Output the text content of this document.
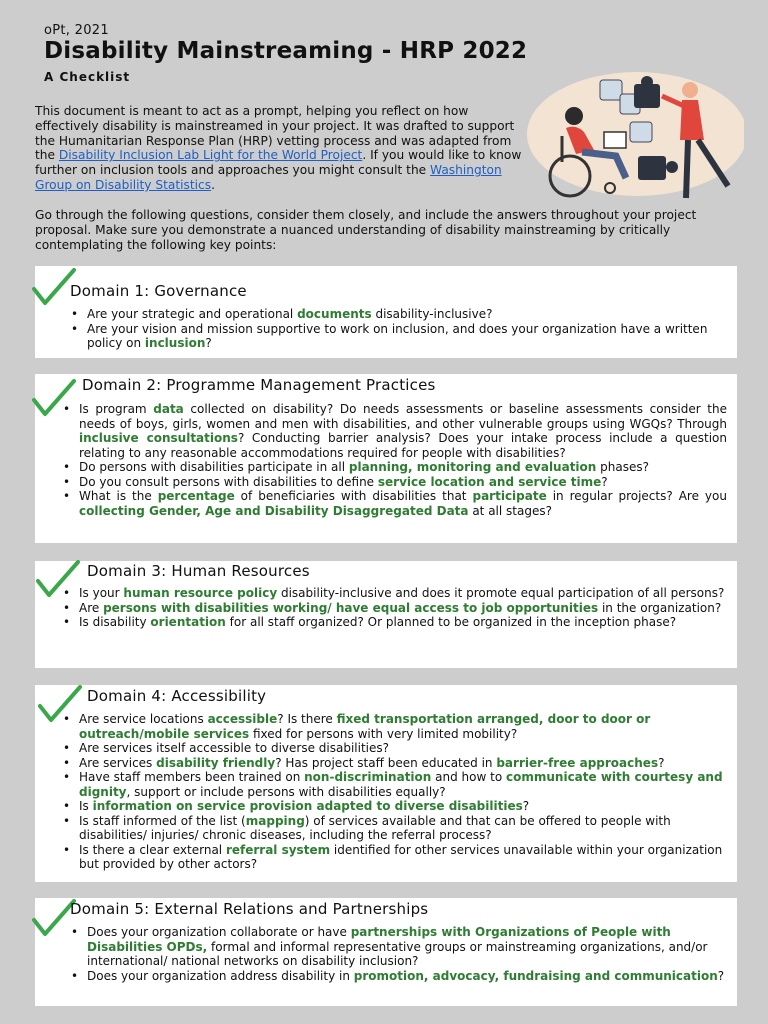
oPt, 2021
Disability Mainstreaming - HRP 2022
A Checklist

This document is meant to act as a prompt, helping you reflect on how effectively disability is mainstreamed in your project. It was drafted to support the Humanitarian Response Plan (HRP) vetting process and was adapted from the Disability Inclusion Lab Light for the World Project. If you would like to know further on inclusion tools and approaches you might consult the Washington Group on Disability Statistics.

Go through the following questions, consider them closely, and include the answers throughout your project proposal. Make sure you demonstrate a nuanced understanding of disability mainstreaming by critically contemplating the following key points:

Domain 1: Governance
• Are your strategic and operational documents disability-inclusive?
• Are your vision and mission supportive to work on inclusion, and does your organization have a written policy on inclusion?
Domain 2: Programme Management Practices
• Is program data collected on disability? Do needs assessments or baseline assessments consider the needs of boys, girls, women and men with disabilities, and other vulnerable groups using WGQs? Through inclusive consultations? Conducting barrier analysis? Does your intake process include a question relating to any reasonable accommodations required for people with disabilities?
• Do persons with disabilities participate in all planning, monitoring and evaluation phases?
• Do you consult persons with disabilities to define service location and service time?
• What is the percentage of beneficiaries with disabilities that participate in regular projects? Are you collecting Gender, Age and Disability Disaggregated Data at all stages?
Domain 3: Human Resources
• Is your human resource policy disability-inclusive and does it promote equal participation of all persons?
• Are persons with disabilities working/ have equal access to job opportunities in the organization?
• Is disability orientation for all staff organized? Or planned to be organized in the inception phase?
Domain 4: Accessibility
• Are service locations accessible? Is there fixed transportation arranged, door to door or outreach/mobile services fixed for persons with very limited mobility?
• Are services itself accessible to diverse disabilities?
• Are services disability friendly? Has project staff been educated in barrier-free approaches?
• Have staff members been trained on non-discrimination and how to communicate with courtesy and dignity, support or include persons with disabilities equally?
• Is information on service provision adapted to diverse disabilities?
• Is staff informed of the list (mapping) of services available and that can be offered to people with disabilities/ injuries/ chronic diseases, including the referral process?
• Is there a clear external referral system identified for other services unavailable within your organization but provided by other actors?
Domain 5: External Relations and Partnerships
• Does your organization collaborate or have partnerships with Organizations of People with Disabilities OPDs, formal and informal representative groups or mainstreaming organizations, and/or international/ national networks on disability inclusion?
• Does your organization address disability in promotion, advocacy, fundraising and communication?
